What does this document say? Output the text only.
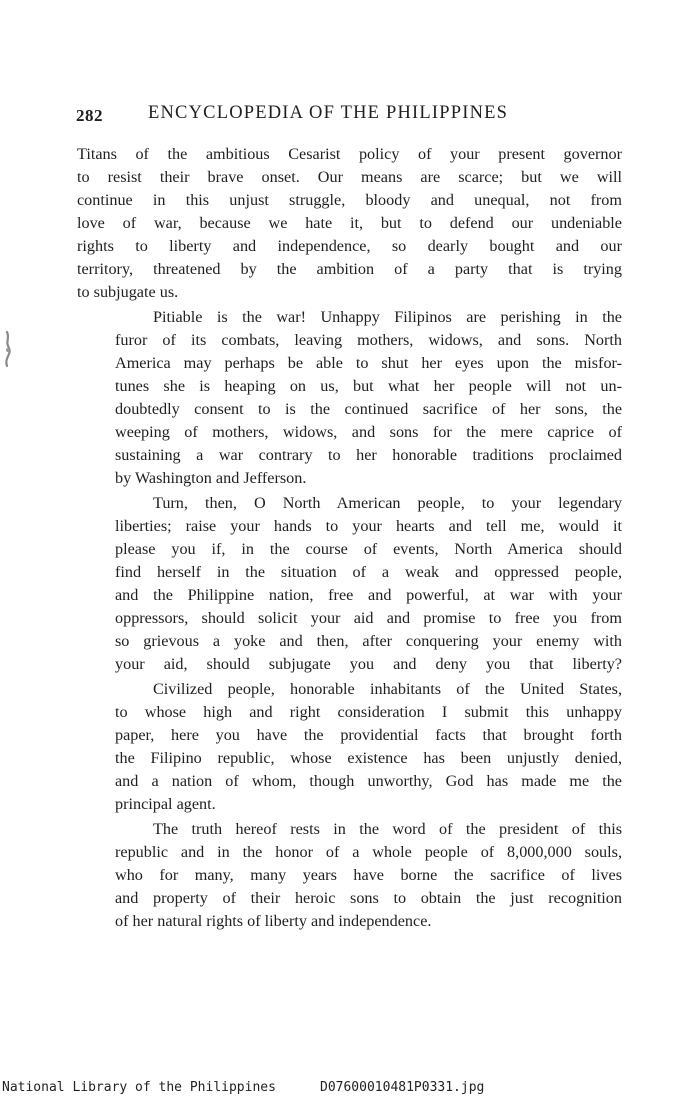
282 ENCYCLOPEDIA OF THE PHILIPPINES
Titans of the ambitious Cesarist policy of your present governor
to resist their brave onset. Our means are scarce; but we will
continue in this unjust struggle, bloody and unequal, not from
love of war, because we hate it, but to defend our undeniable
rights to liberty and independence, so dearly bought and our
territory, threatened by the ambition of a party that is trying
to subjugate us.
Pitiable is the war! Unhappy Filipinos are perishing in the
furor of its combats, leaving mothers, widows, and sons. North
America may perhaps be able to shut her eyes upon the misfor-
tunes she is heaping on us, but what her people will not un-
doubtedly consent to is the continued sacrifice of her sons, the
weeping of mothers, widows, and sons for the mere caprice of
sustaining a war contrary to her honorable traditions proclaimed
by Washington and Jefferson.
Turn, then, O North American people, to your legendary
liberties; raise your hands to your hearts and tell me, would it
please you if, in the course of events, North America should
find herself in the situation of a weak and oppressed people,
and the Philippine nation, free and powerful, at war with your
oppressors, should solicit your aid and promise to free you from
so grievous a yoke and then, after conquering your enemy with
your aid, should subjugate you and deny you that liberty?
Civilized people, honorable inhabitants of the United States,
to whose high and right consideration I submit this unhappy
paper, here you have the providential facts that brought forth
the Filipino republic, whose existence has been unjustly denied,
and a nation of whom, though unworthy, God has made me the
principal agent.
The truth hereof rests in the word of the president of this
republic and in the honor of a whole people of 8,000,000 souls,
who for many, many years have borne the sacrifice of lives
and property of their heroic sons to obtain the just recognition
of her natural rights of liberty and independence.
National Library of the Philippines	D07600010481P0331.jpg
